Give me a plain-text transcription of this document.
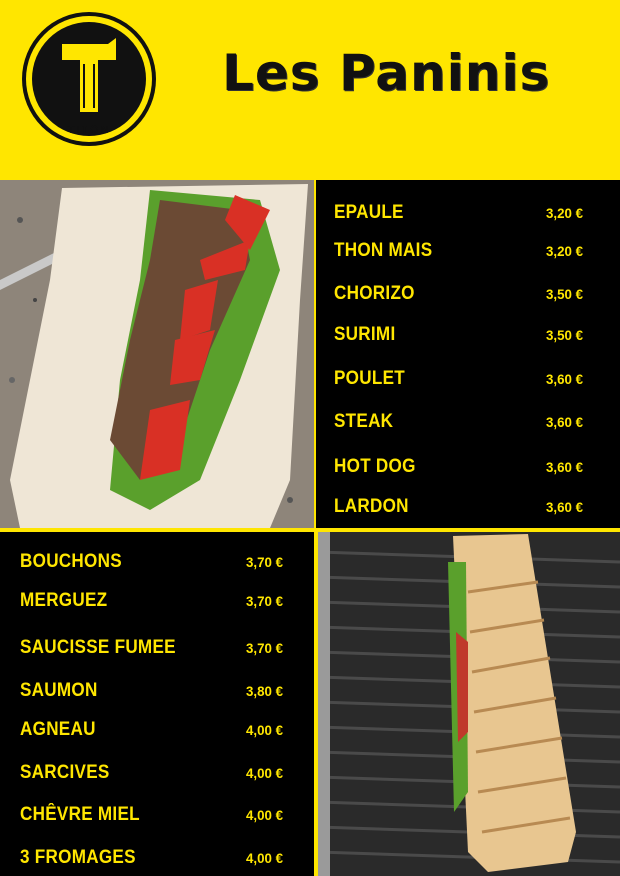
TITON
Les Paninis
EPAULE	3,20 €
THON MAIS	3,20 €
CHORIZO	3,50 €
SURIMI	3,50 €
POULET	3,60 €
STEAK	3,60 €
HOT DOG	3,60 €
LARDON	3,60 €
BOUCHONS	3,70 €
MERGUEZ	3,70 €
SAUCISSE FUMEE	3,70 €
SAUMON	3,80 €
AGNEAU	4,00 €
SARCIVES	4,00 €
CHÊVRE MIEL	4,00 €
3 FROMAGES	4,00 €
